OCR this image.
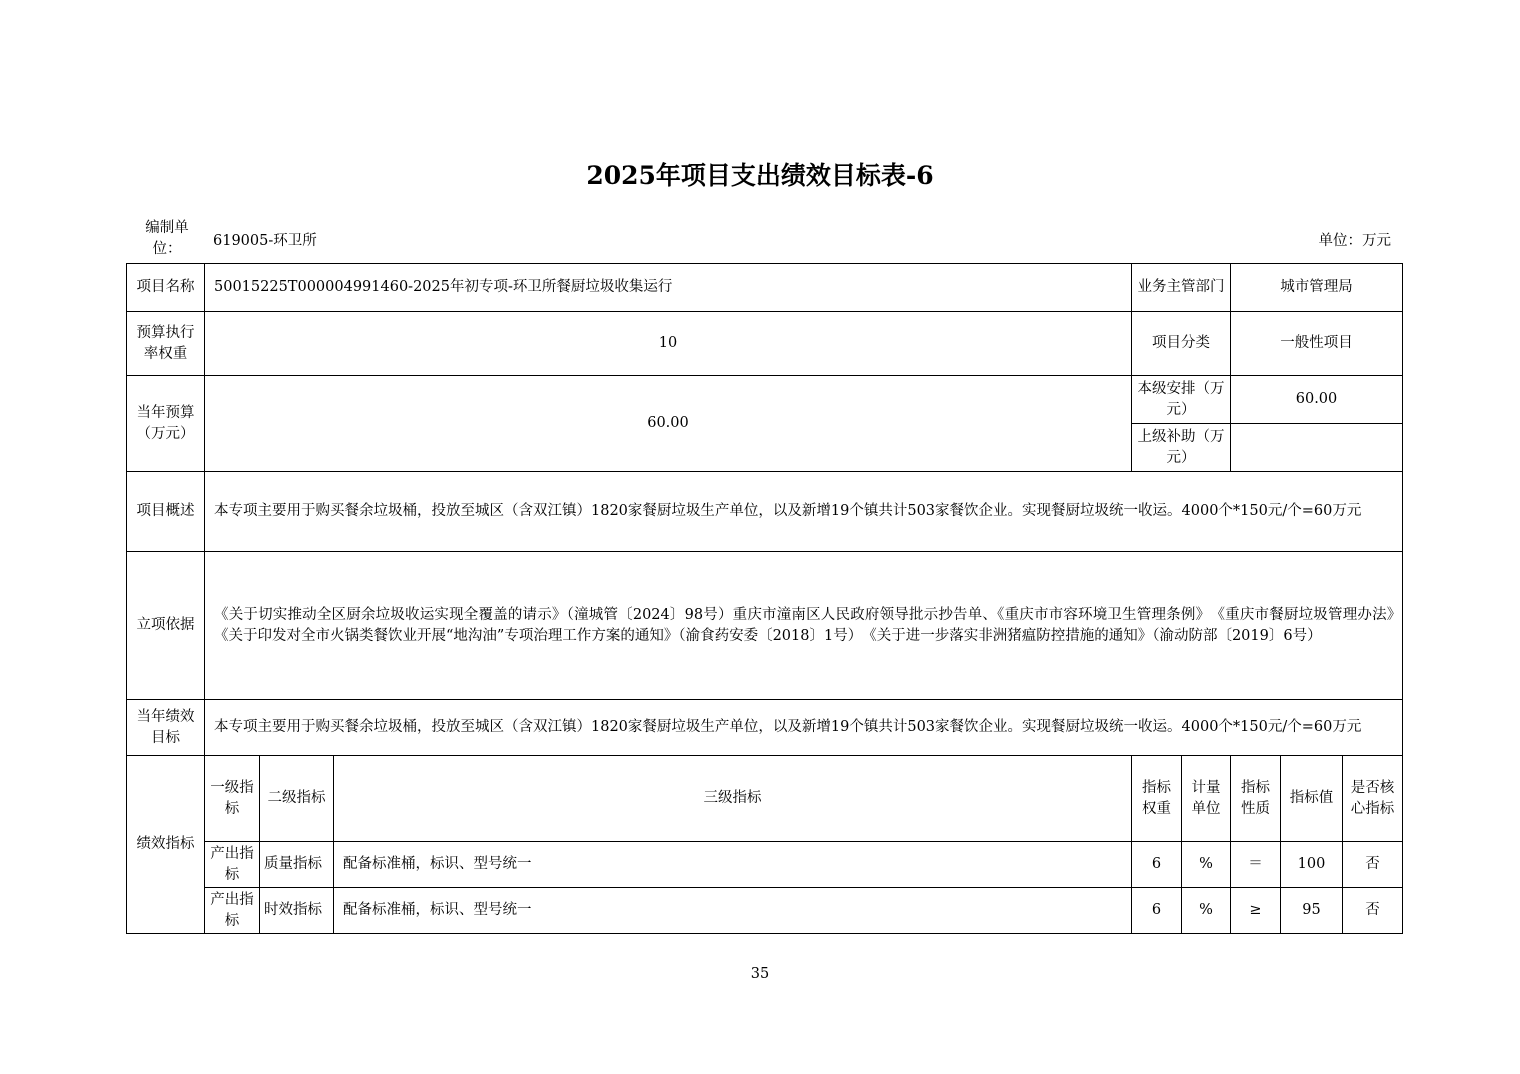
2025年项目支出绩效目标表-6
编制单位：	619005-环卫所	单位：万元
项目名称	50015225T000004991460-2025年初专项-环卫所餐厨垃圾收集运行			业务主管部门		城市管理局		
预算执行率权重	10			项目分类		一般性项目		
当年预算（万元）	60.00			本级安排（万元）		60.00		
				上级补助（万元）				
项目概述	本专项主要用于购买餐余垃圾桶，投放至城区（含双江镇）1820家餐厨垃圾生产单位，以及新增19个镇共计503家餐饮企业。实现餐厨垃圾统一收运。4000个*150元/个=60万元							
立项依据	《关于切实推动全区厨余垃圾收运实现全覆盖的请示》（潼城管〔2024〕98号）重庆市潼南区人民政府领导批示抄告单、《重庆市市容环境卫生管理条例》　《重庆市餐厨垃圾管理办法》　《关于印发对全市火锅类餐饮业开展“地沟油”专项治理工作方案的通知》（渝食药安委〔2018〕1号）　《关于进一步落实非洲猪瘟防控措施的通知》（渝动防部〔2019〕6号）							
当年绩效目标	本专项主要用于购买餐余垃圾桶，投放至城区（含双江镇）1820家餐厨垃圾生产单位，以及新增19个镇共计503家餐饮企业。实现餐厨垃圾统一收运。4000个*150元/个=60万元							
绩效指标	一级指标	二级指标	三级指标	指标权重	计量单位	指标性质	指标值	是否核心指标
	产出指标	质量指标	配备标准桶，标识、型号统一	6	%	＝	100	否
	产出指标	时效指标	配备标准桶，标识、型号统一	6	%	≥	95	否
35
